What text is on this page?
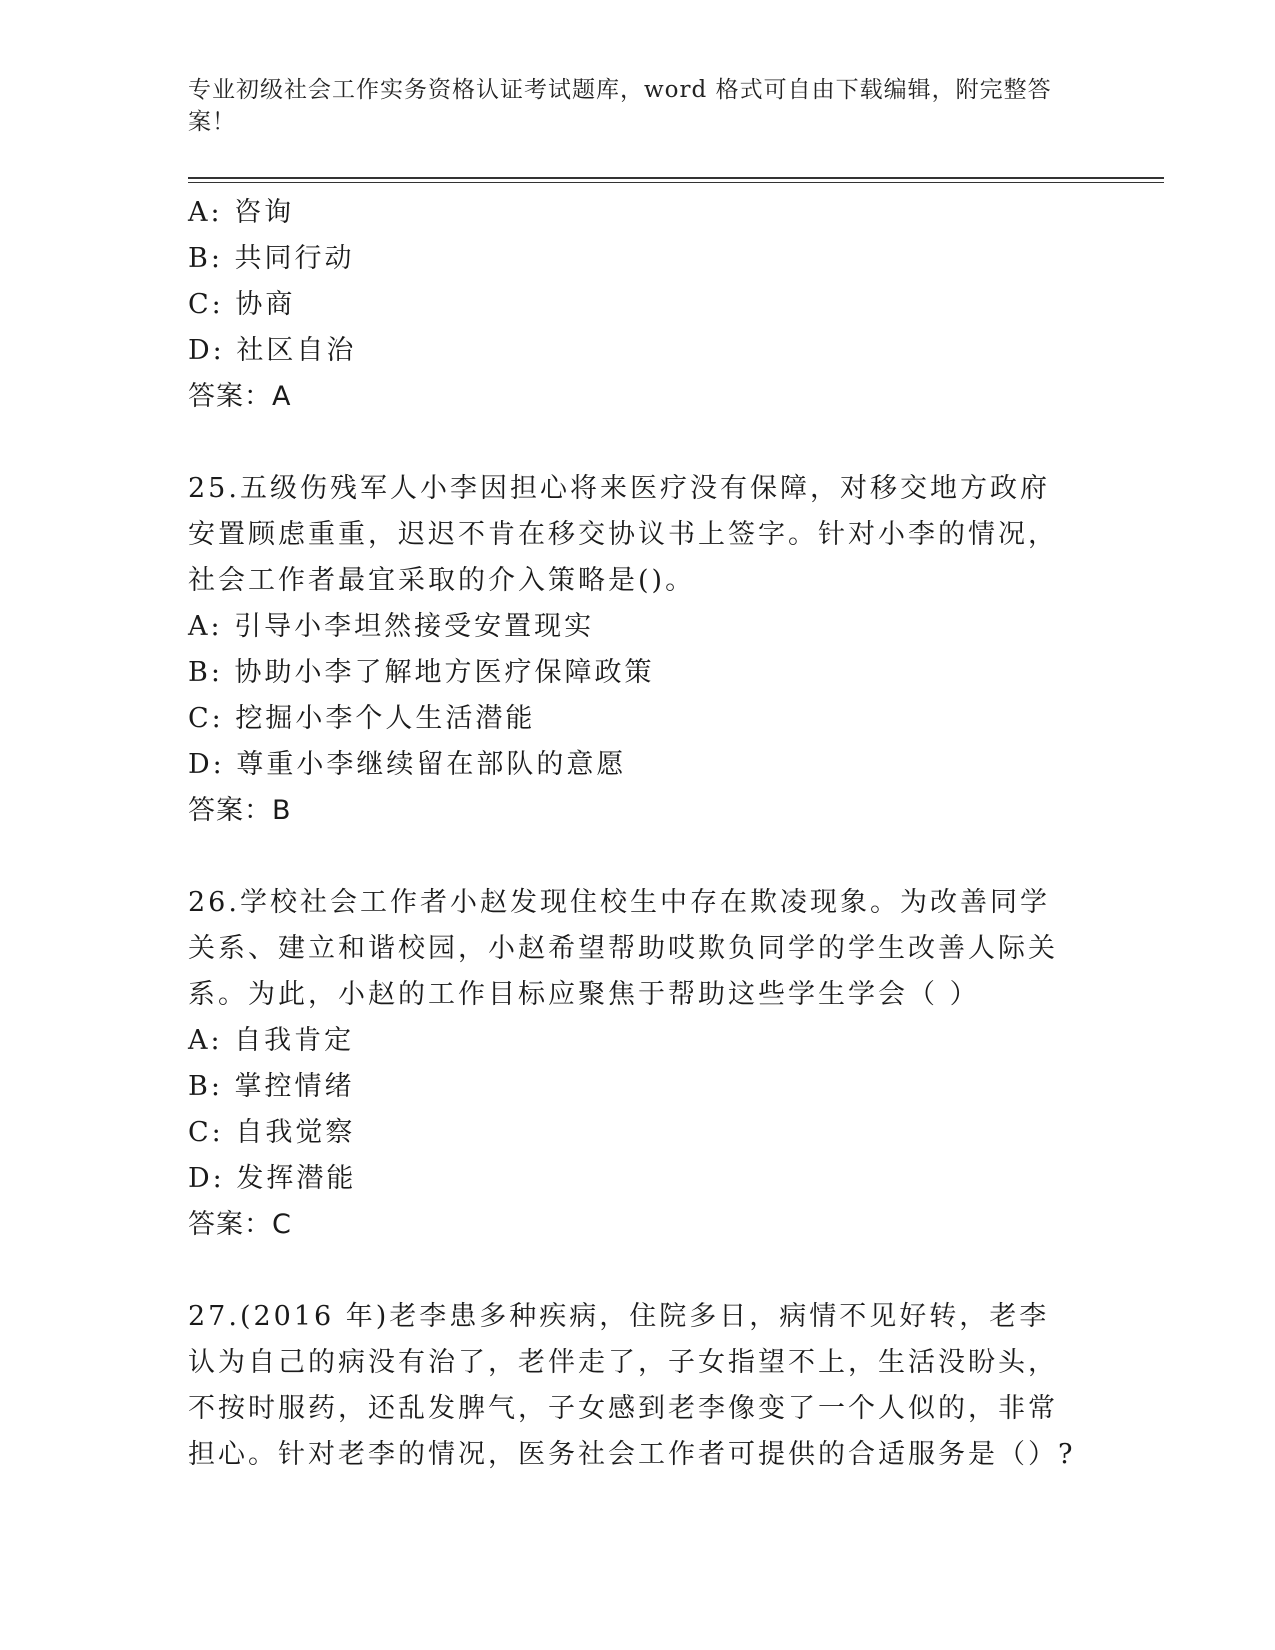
专业初级社会工作实务资格认证考试题库，word 格式可自由下载编辑，附完整答案！
A: 咨询
B: 共同行动
C: 协商
D: 社区自治
答案：A
25.五级伤残军人小李因担心将来医疗没有保障，对移交地方政府安置顾虑重重，迟迟不肯在移交协议书上签字。针对小李的情况，社会工作者最宜采取的介入策略是()。
A: 引导小李坦然接受安置现实
B: 协助小李了解地方医疗保障政策
C: 挖掘小李个人生活潜能
D: 尊重小李继续留在部队的意愿
答案：B
26.学校社会工作者小赵发现住校生中存在欺凌现象。为改善同学关系、建立和谐校园，小赵希望帮助哎欺负同学的学生改善人际关系。为此，小赵的工作目标应聚焦于帮助这些学生学会（ ）
A: 自我肯定
B: 掌控情绪
C: 自我觉察
D: 发挥潜能
答案：C
27.(2016 年)老李患多种疾病，住院多日，病情不见好转，老李认为自己的病没有治了，老伴走了，子女指望不上，生活没盼头，不按时服药，还乱发脾气，子女感到老李像变了一个人似的，非常担心。针对老李的情况，医务社会工作者可提供的合适服务是（）?
